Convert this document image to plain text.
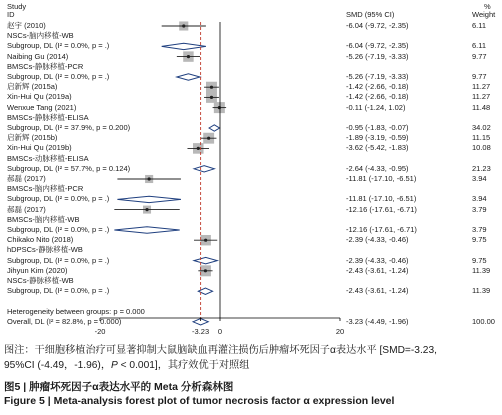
Study
ID	SMD (95% CI)
%
Weight
赵宇 (2010)	-6.04 (-9.72, -2.35)	6.11
NSCs-脑内移植-WB
Subgroup, DL (I² = 0.0%, p = .)	-6.04 (-9.72, -2.35)	6.11
Naibing Gu (2014)	-5.26 (-7.19, -3.33)	9.77
BMSCs-静脉移植-PCR
Subgroup, DL (I² = 0.0%, p = .)	-5.26 (-7.19, -3.33)	9.77
启新辉 (2015a)	-1.42 (-2.66, -0.18)	11.27
Xin-Hui Qu (2019a)	-1.42 (-2.66, -0.18)	11.27
Wenxue Tang (2021)	-0.11 (-1.24, 1.02)	11.48
BMSCs-静脉移植-ELISA
Subgroup, DL (I² = 37.9%, p = 0.200)	-0.95 (-1.83, -0.07)	34.02
启新辉 (2015b)	-1.89 (-3.19, -0.59)	11.15
Xin-Hui Qu (2019b)	-3.62 (-5.42, -1.83)	10.08
BMSCs-动脉移植-ELISA
Subgroup, DL (I² = 57.7%, p = 0.124)	-2.64 (-4.33, -0.95)	21.23
郝磊 (2017)	-11.81 (-17.10, -6.51)	3.94
BMSCs-脑内移植-PCR
Subgroup, DL (I² = 0.0%, p = .)	-11.81 (-17.10, -6.51)	3.94
郝磊 (2017)	-12.16 (-17.61, -6.71)	3.79
BMSCs-脑内移植-WB
Subgroup, DL (I² = 0.0%, p = .)	-12.16 (-17.61, -6.71)	3.79
Chikako Nito (2018)	-2.39 (-4.33, -0.46)	9.75
hDPSCs-静脉移植-WB
Subgroup, DL (I² = 0.0%, p = .)	-2.39 (-4.33, -0.46)	9.75
Jihyun Kim (2020)	-2.43 (-3.61, -1.24)	11.39
NSCs-静脉移植-WB
Subgroup, DL (I² = 0.0%, p = .)	-2.43 (-3.61, -1.24)	11.39
Heterogeneity between groups: p = 0.000
Overall, DL (I² = 82.8%, p = 0.000)	-3.23 (-4.49, -1.96)	100.00
-20	-3.23 0	20
图注：干细胞移植治疗可显著抑制大鼠脑缺血再灌注损伤后肿瘤坏死因子α表达水平 [SMD=-3.23,
95%CI (-4.49，-1.96)，P < 0.001]，其疗效优于对照组
图5 | 肿瘤坏死因子α表达水平的 Meta 分析森林图
Figure 5 | Meta-analysis forest plot of tumor necrosis factor α expression level
